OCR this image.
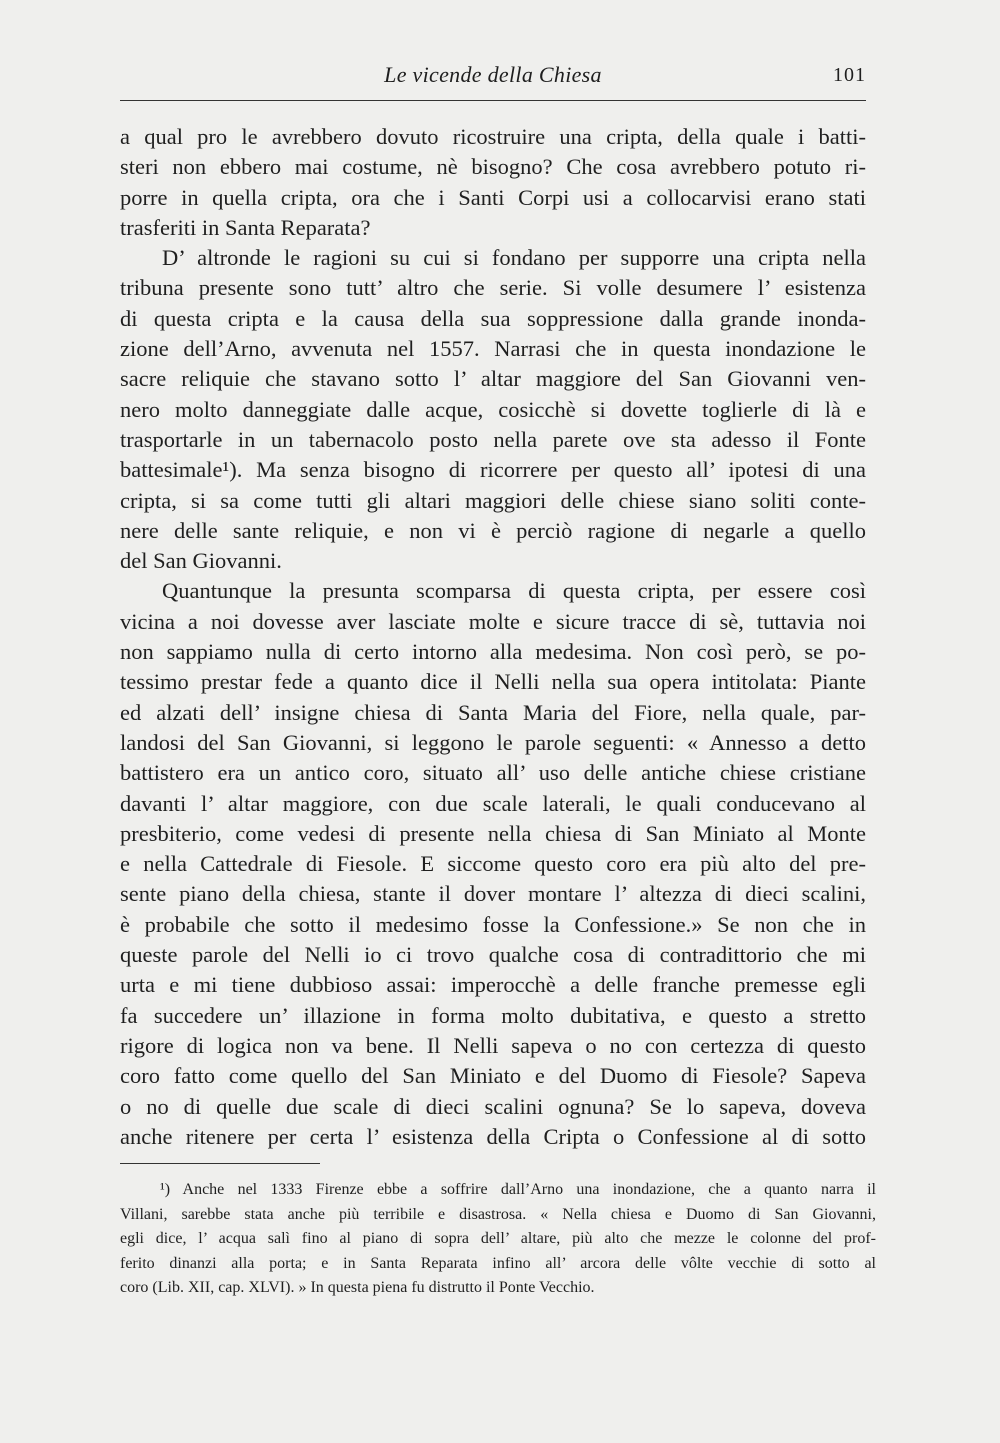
Le vicende della Chiesa	101
a qual pro le avrebbero dovuto ricostruire una cripta, della quale i batti-
steri non ebbero mai costume, nè bisogno? Che cosa avrebbero potuto ri-
porre in quella cripta, ora che i Santi Corpi usi a collocarvisi erano stati
trasferiti in Santa Reparata?
D’ altronde le ragioni su cui si fondano per supporre una cripta nella
tribuna presente sono tutt’ altro che serie. Si volle desumere l’ esistenza
di questa cripta e la causa della sua soppressione dalla grande inonda-
zione dell’Arno, avvenuta nel 1557. Narrasi che in questa inondazione le
sacre reliquie che stavano sotto l’ altar maggiore del San Giovanni ven-
nero molto danneggiate dalle acque, cosicchè si dovette toglierle di là e
trasportarle in un tabernacolo posto nella parete ove sta adesso il Fonte
battesimale¹). Ma senza bisogno di ricorrere per questo all’ ipotesi di una
cripta, si sa come tutti gli altari maggiori delle chiese siano soliti conte-
nere delle sante reliquie, e non vi è perciò ragione di negarle a quello
del San Giovanni.
Quantunque la presunta scomparsa di questa cripta, per essere così
vicina a noi dovesse aver lasciate molte e sicure tracce di sè, tuttavia noi
non sappiamo nulla di certo intorno alla medesima. Non così però, se po-
tessimo prestar fede a quanto dice il Nelli nella sua opera intitolata: Piante
ed alzati dell’ insigne chiesa di Santa Maria del Fiore, nella quale, par-
landosi del San Giovanni, si leggono le parole seguenti: « Annesso a detto
battistero era un antico coro, situato all’ uso delle antiche chiese cristiane
davanti l’ altar maggiore, con due scale laterali, le quali conducevano al
presbiterio, come vedesi di presente nella chiesa di San Miniato al Monte
e nella Cattedrale di Fiesole. E siccome questo coro era più alto del pre-
sente piano della chiesa, stante il dover montare l’ altezza di dieci scalini,
è probabile che sotto il medesimo fosse la Confessione.» Se non che in
queste parole del Nelli io ci trovo qualche cosa di contradittorio che mi
urta e mi tiene dubbioso assai: imperocchè a delle franche premesse egli
fa succedere un’ illazione in forma molto dubitativa, e questo a stretto
rigore di logica non va bene. Il Nelli sapeva o no con certezza di questo
coro fatto come quello del San Miniato e del Duomo di Fiesole? Sapeva
o no di quelle due scale di dieci scalini ognuna? Se lo sapeva, doveva
anche ritenere per certa l’ esistenza della Cripta o Confessione al di sotto
¹) Anche nel 1333 Firenze ebbe a soffrire dall’Arno una inondazione, che a quanto narra il
Villani, sarebbe stata anche più terribile e disastrosa. « Nella chiesa e Duomo di San Giovanni,
egli dice, l’ acqua salì fino al piano di sopra dell’ altare, più alto che mezze le colonne del prof-
ferito dinanzi alla porta; e in Santa Reparata infino all’ arcora delle vôlte vecchie di sotto al
coro (Lib. XII, cap. XLVI). » In questa piena fu distrutto il Ponte Vecchio.
